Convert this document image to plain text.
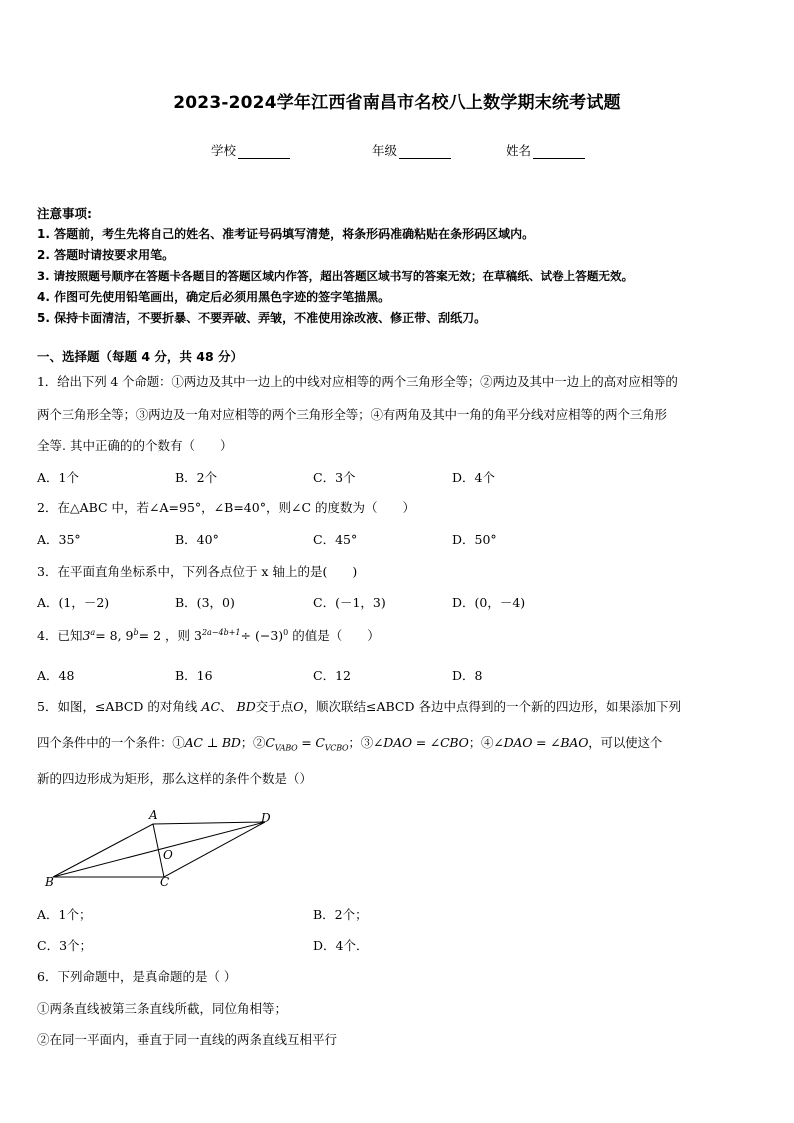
2023-2024学年江西省南昌市名校八上数学期末统考试题
学校	年级	姓名
注意事项:
1. 答题前，考生先将自己的姓名、准考证号码填写清楚，将条形码准确粘贴在条形码区域内。
2. 答题时请按要求用笔。
3. 请按照题号顺序在答题卡各题目的答题区域内作答，超出答题区域书写的答案无效；在草稿纸、试卷上答题无效。
4. 作图可先使用铅笔画出，确定后必须用黑色字迹的签字笔描黑。
5. 保持卡面清洁，不要折暴、不要弄破、弄皱，不准使用涂改液、修正带、刮纸刀。
一、选择题（每题 4 分，共 48 分）
1．给出下列 4 个命题：①两边及其中一边上的中线对应相等的两个三角形全等；②两边及其中一边上的高对应相等的
两个三角形全等；③两边及一角对应相等的两个三角形全等；④有两角及其中一角的角平分线对应相等的两个三角形
全等. 其中正确的的个数有（　　）
A．1个	B．2个	C．3个	D．4个
2．在△ABC 中，若∠A=95°，∠B=40°，则∠C 的度数为（　　）
A．35°	B．40°	C．45°	D．50°
3．在平面直角坐标系中，下列各点位于 x 轴上的是(　　)
A．(1，－2)	B．(3，0)	C．(－1，3)	D．(0，－4)
4．已知$3^a= 8$, $9^b= 2$ ，则 $3^{2a-4b+1}\div (-3)^0$ 的值是（　　）
A．48	B．16	C．12	D．8
5．如图，≤ABCD 的对角线 AC、 BD交于点O，顺次联结≤ABCD 各边中点得到的一个新的四边形，如果添加下列
四个条件中的一个条件：①AC ⊥ BD；$②C_{VABO} = C_{VCBO}$；③∠DAO = ∠CBO；④∠DAO = ∠BAO，可以使这个
新的四边形成为矩形，那么这样的条件个数是（）
A	D
O
B	C
A．1个；	B．2个；
C．3个；	D．4个．
6．下列命题中，是真命题的是（ ）
①两条直线被第三条直线所截，同位角相等；
②在同一平面内，垂直于同一直线的两条直线互相平行
